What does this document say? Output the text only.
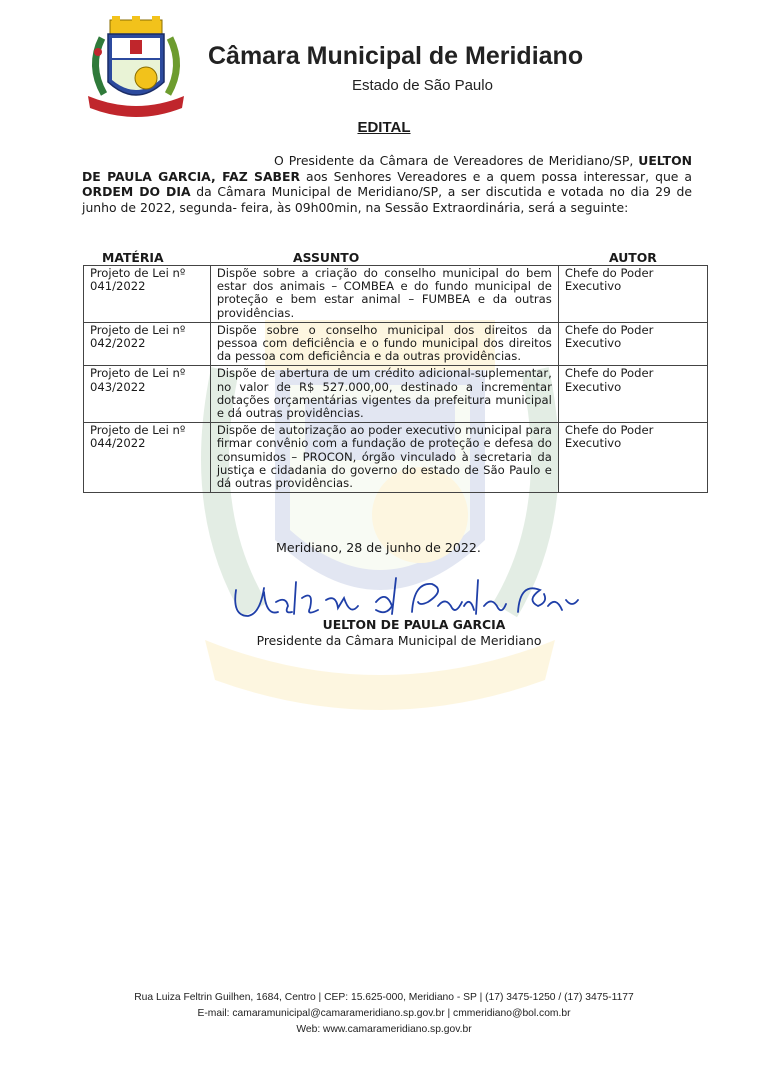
Câmara Municipal de Meridiano
Estado de São Paulo
EDITAL
O Presidente da Câmara de Vereadores de Meridiano/SP, UELTON DE PAULA GARCIA, FAZ SABER aos Senhores Vereadores e a quem possa interessar, que a ORDEM DO DIA da Câmara Municipal de Meridiano/SP, a ser discutida e votada no dia 29 de junho de 2022, segunda- feira, às 09h00min, na Sessão Extraordinária, será a seguinte:
MATÉRIA	ASSUNTO	AUTOR
Projeto de Lei nº 041/2022	Dispõe sobre a criação do conselho municipal do bem estar dos animais – COMBEA e do fundo municipal de proteção e bem estar animal – FUMBEA e da outras providências.	Chefe do Poder Executivo
Projeto de Lei nº 042/2022	Dispõe sobre o conselho municipal dos direitos da pessoa com deficiência e o fundo municipal dos direitos da pessoa com deficiência e da outras providências.	Chefe do Poder Executivo
Projeto de Lei nº 043/2022	Dispõe de abertura de um crédito adicional-suplementar, no valor de R$ 527.000,00, destinado a incrementar dotações orçamentárias vigentes da prefeitura municipal e dá outras providências.	Chefe do Poder Executivo
Projeto de Lei nº 044/2022	Dispõe de autorização ao poder executivo municipal para firmar convênio com a fundação de proteção e defesa do consumidos – PROCON, órgão vinculado à secretaria da justiça e cidadania do governo do estado de São Paulo e dá outras providências.	Chefe do Poder Executivo
Meridiano, 28 de junho de 2022.
UELTON DE PAULA GARCIA
Presidente da Câmara Municipal de Meridiano
Rua Luiza Feltrin Guilhen, 1684, Centro | CEP: 15.625-000, Meridiano - SP | (17) 3475-1250 / (17) 3475-1177
E-mail: camaramunicipal@camarameridiano.sp.gov.br | cmmeridiano@bol.com.br
Web: www.camarameridiano.sp.gov.br
